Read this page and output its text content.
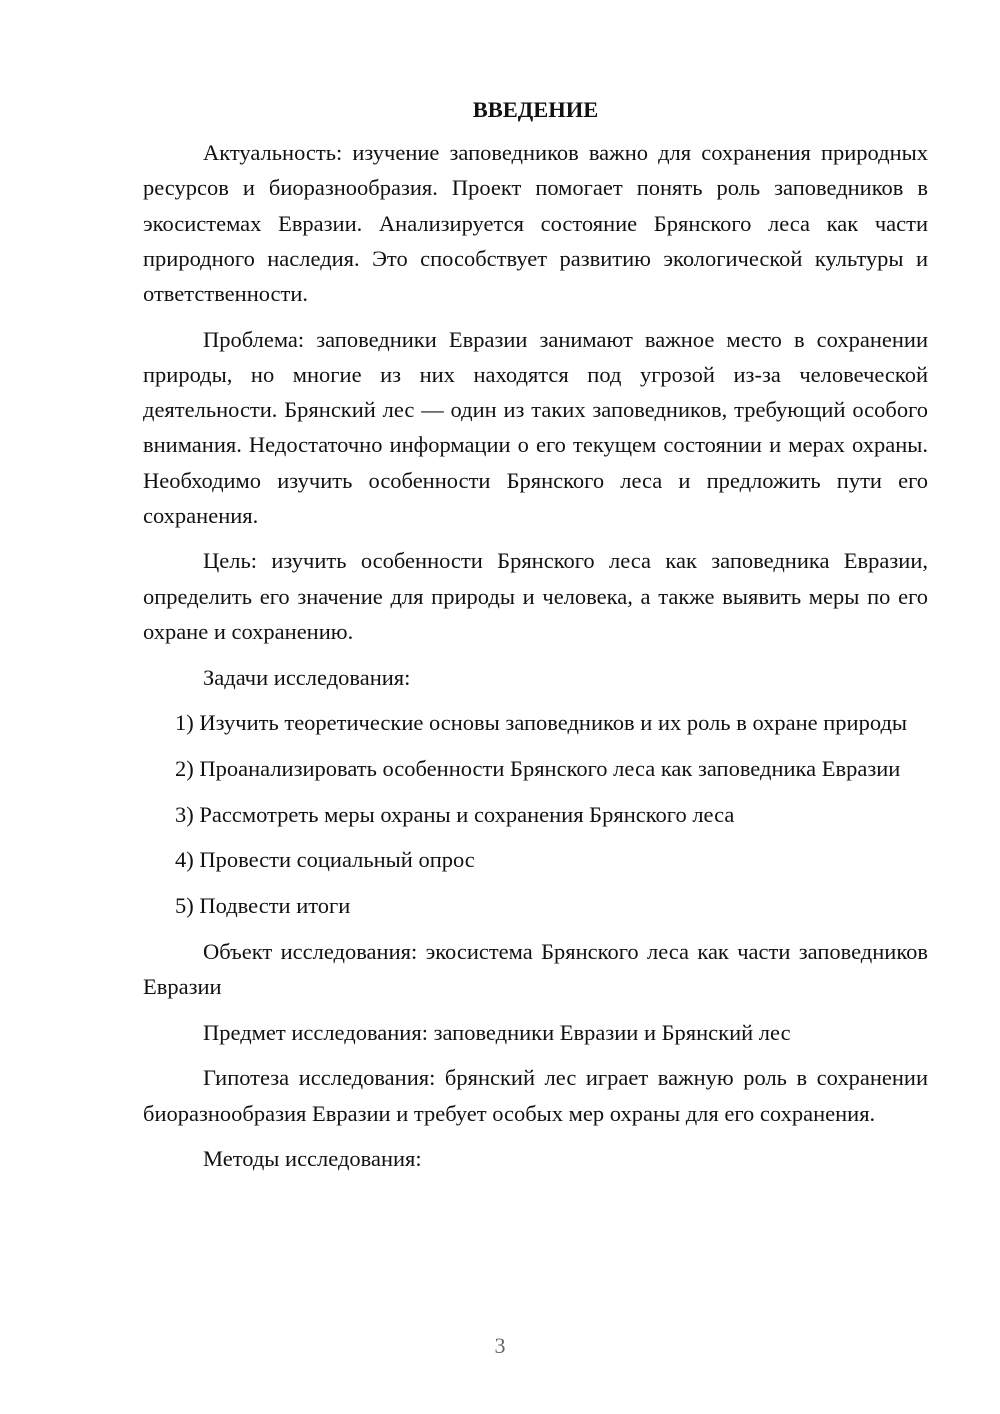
ВВЕДЕНИЕ

Актуальность: изучение заповедников важно для сохранения природных ресурсов и биоразнообразия. Проект помогает понять роль заповедников в экосистемах Евразии. Анализируется состояние Брянского леса как части природного наследия. Это способствует развитию экологической культуры и ответственности.

Проблема: заповедники Евразии занимают важное место в сохранении природы, но многие из них находятся под угрозой из-за человеческой деятельности. Брянский лес — один из таких заповедников, требующий особого внимания. Недостаточно информации о его текущем состоянии и мерах охраны. Необходимо изучить особенности Брянского леса и предложить пути его сохранения.

Цель: изучить особенности Брянского леса как заповедника Евразии, определить его значение для природы и человека, а также выявить меры по его охране и сохранению.

Задачи исследования:

1) Изучить теоретические основы заповедников и их роль в охране природы

2) Проанализировать особенности Брянского леса как заповедника Евразии

3) Рассмотреть меры охраны и сохранения Брянского леса

4) Провести социальный опрос

5) Подвести итоги

Объект исследования: экосистема Брянского леса как части заповедников Евразии

Предмет исследования: заповедники Евразии и Брянский лес

Гипотеза исследования: брянский лес играет важную роль в сохранении биоразнообразия Евразии и требует особых мер охраны для его сохранения.

Методы исследования:

3
